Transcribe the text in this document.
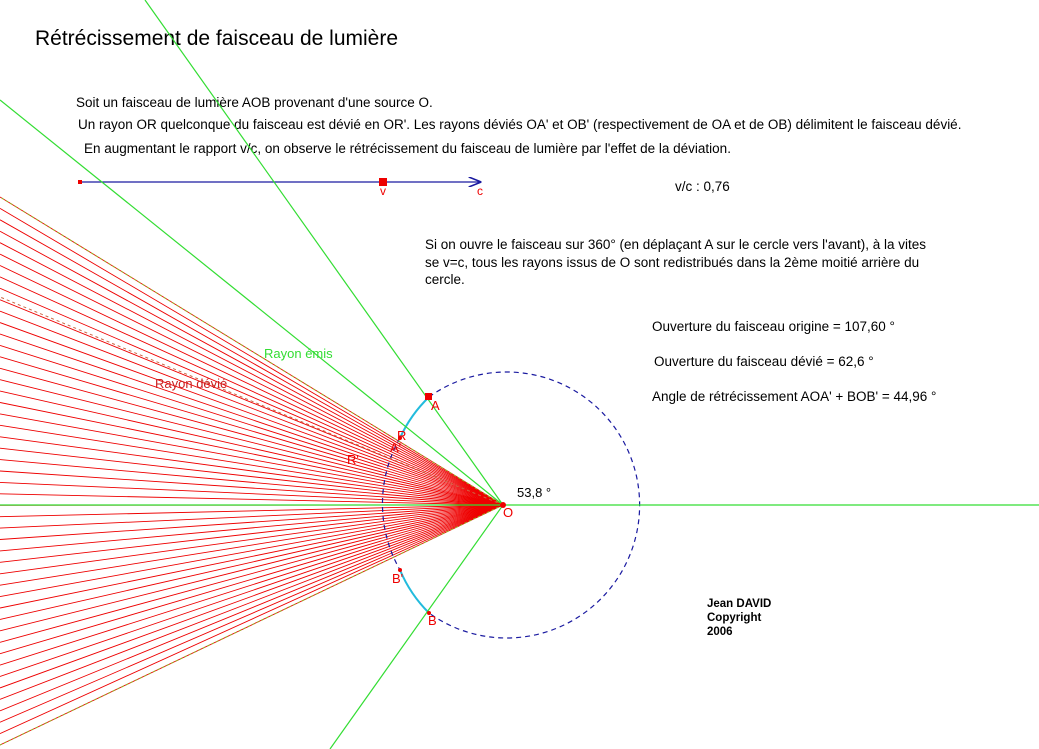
Rétrécissement de faisceau de lumière
Soit un faisceau de lumière AOB provenant d'une source O.
Un rayon OR quelconque du faisceau est dévié en OR'. Les rayons déviés OA' et OB' (respectivement de OA et de OB) délimitent le faisceau dévié.
En augmentant le rapport v/c, on observe le rétrécissement du faisceau de lumière par l'effet de la déviation.
v/c : 0,76
Si on ouvre le faisceau sur 360° (en déplaçant A sur le cercle vers l'avant), à la vites
se v=c, tous les rayons issus de O sont redistribués dans la 2ème moitié arrière du
cercle.
Ouverture du faisceau origine = 107,60 °
Ouverture du faisceau dévié = 62,6 °
Angle de rétrécissement AOA' + BOB' = 44,96 °
Jean DAVID
Copyright
2006
v	c
O
A
B
A'
B'
R
R'
53,8 °
Rayon émis
Rayon dévié
